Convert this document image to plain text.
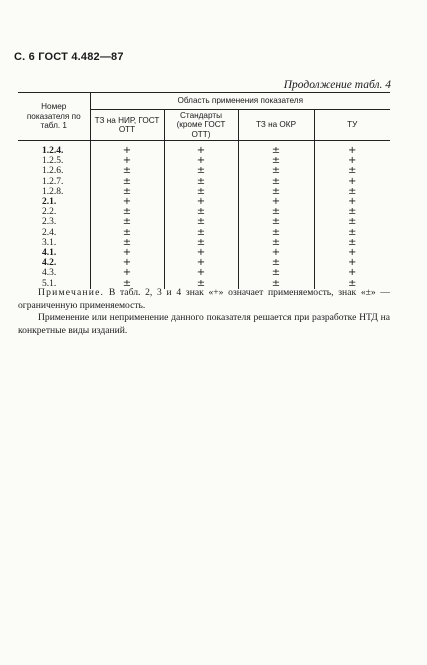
С. 6 ГОСТ 4.482—87
Продолжение табл. 4
Номер показателя по табл. 1	Область применения показателя			
	ТЗ на НИР, ГОСТ ОТТ	Стандарты (кроме ГОСТ ОТТ)	ТЗ на ОКР	ТУ
1.2.4.	+	+	±	+
1.2.5.	+	+	±	+
1.2.6.	±	±	±	±
1.2.7.	±	±	±	+
1.2.8.	±	±	±	±
2.1.	+	+	+	+
2.2.	±	±	±	±
2.3.	±	±	±	±
2.4.	±	±	±	±
3.1.	±	±	±	±
4.1.	+	+	+	+
4.2.	+	+	±	+
4.3.	+	+	±	+
5.1.	±	±	±	±

Примечание. В табл. 2, 3 и 4 знак «+» означает применяемость, знак «±» — ограниченную применяемость.

Применение или неприменение данного показателя решается при разработке НТД на конкретные виды изданий.
